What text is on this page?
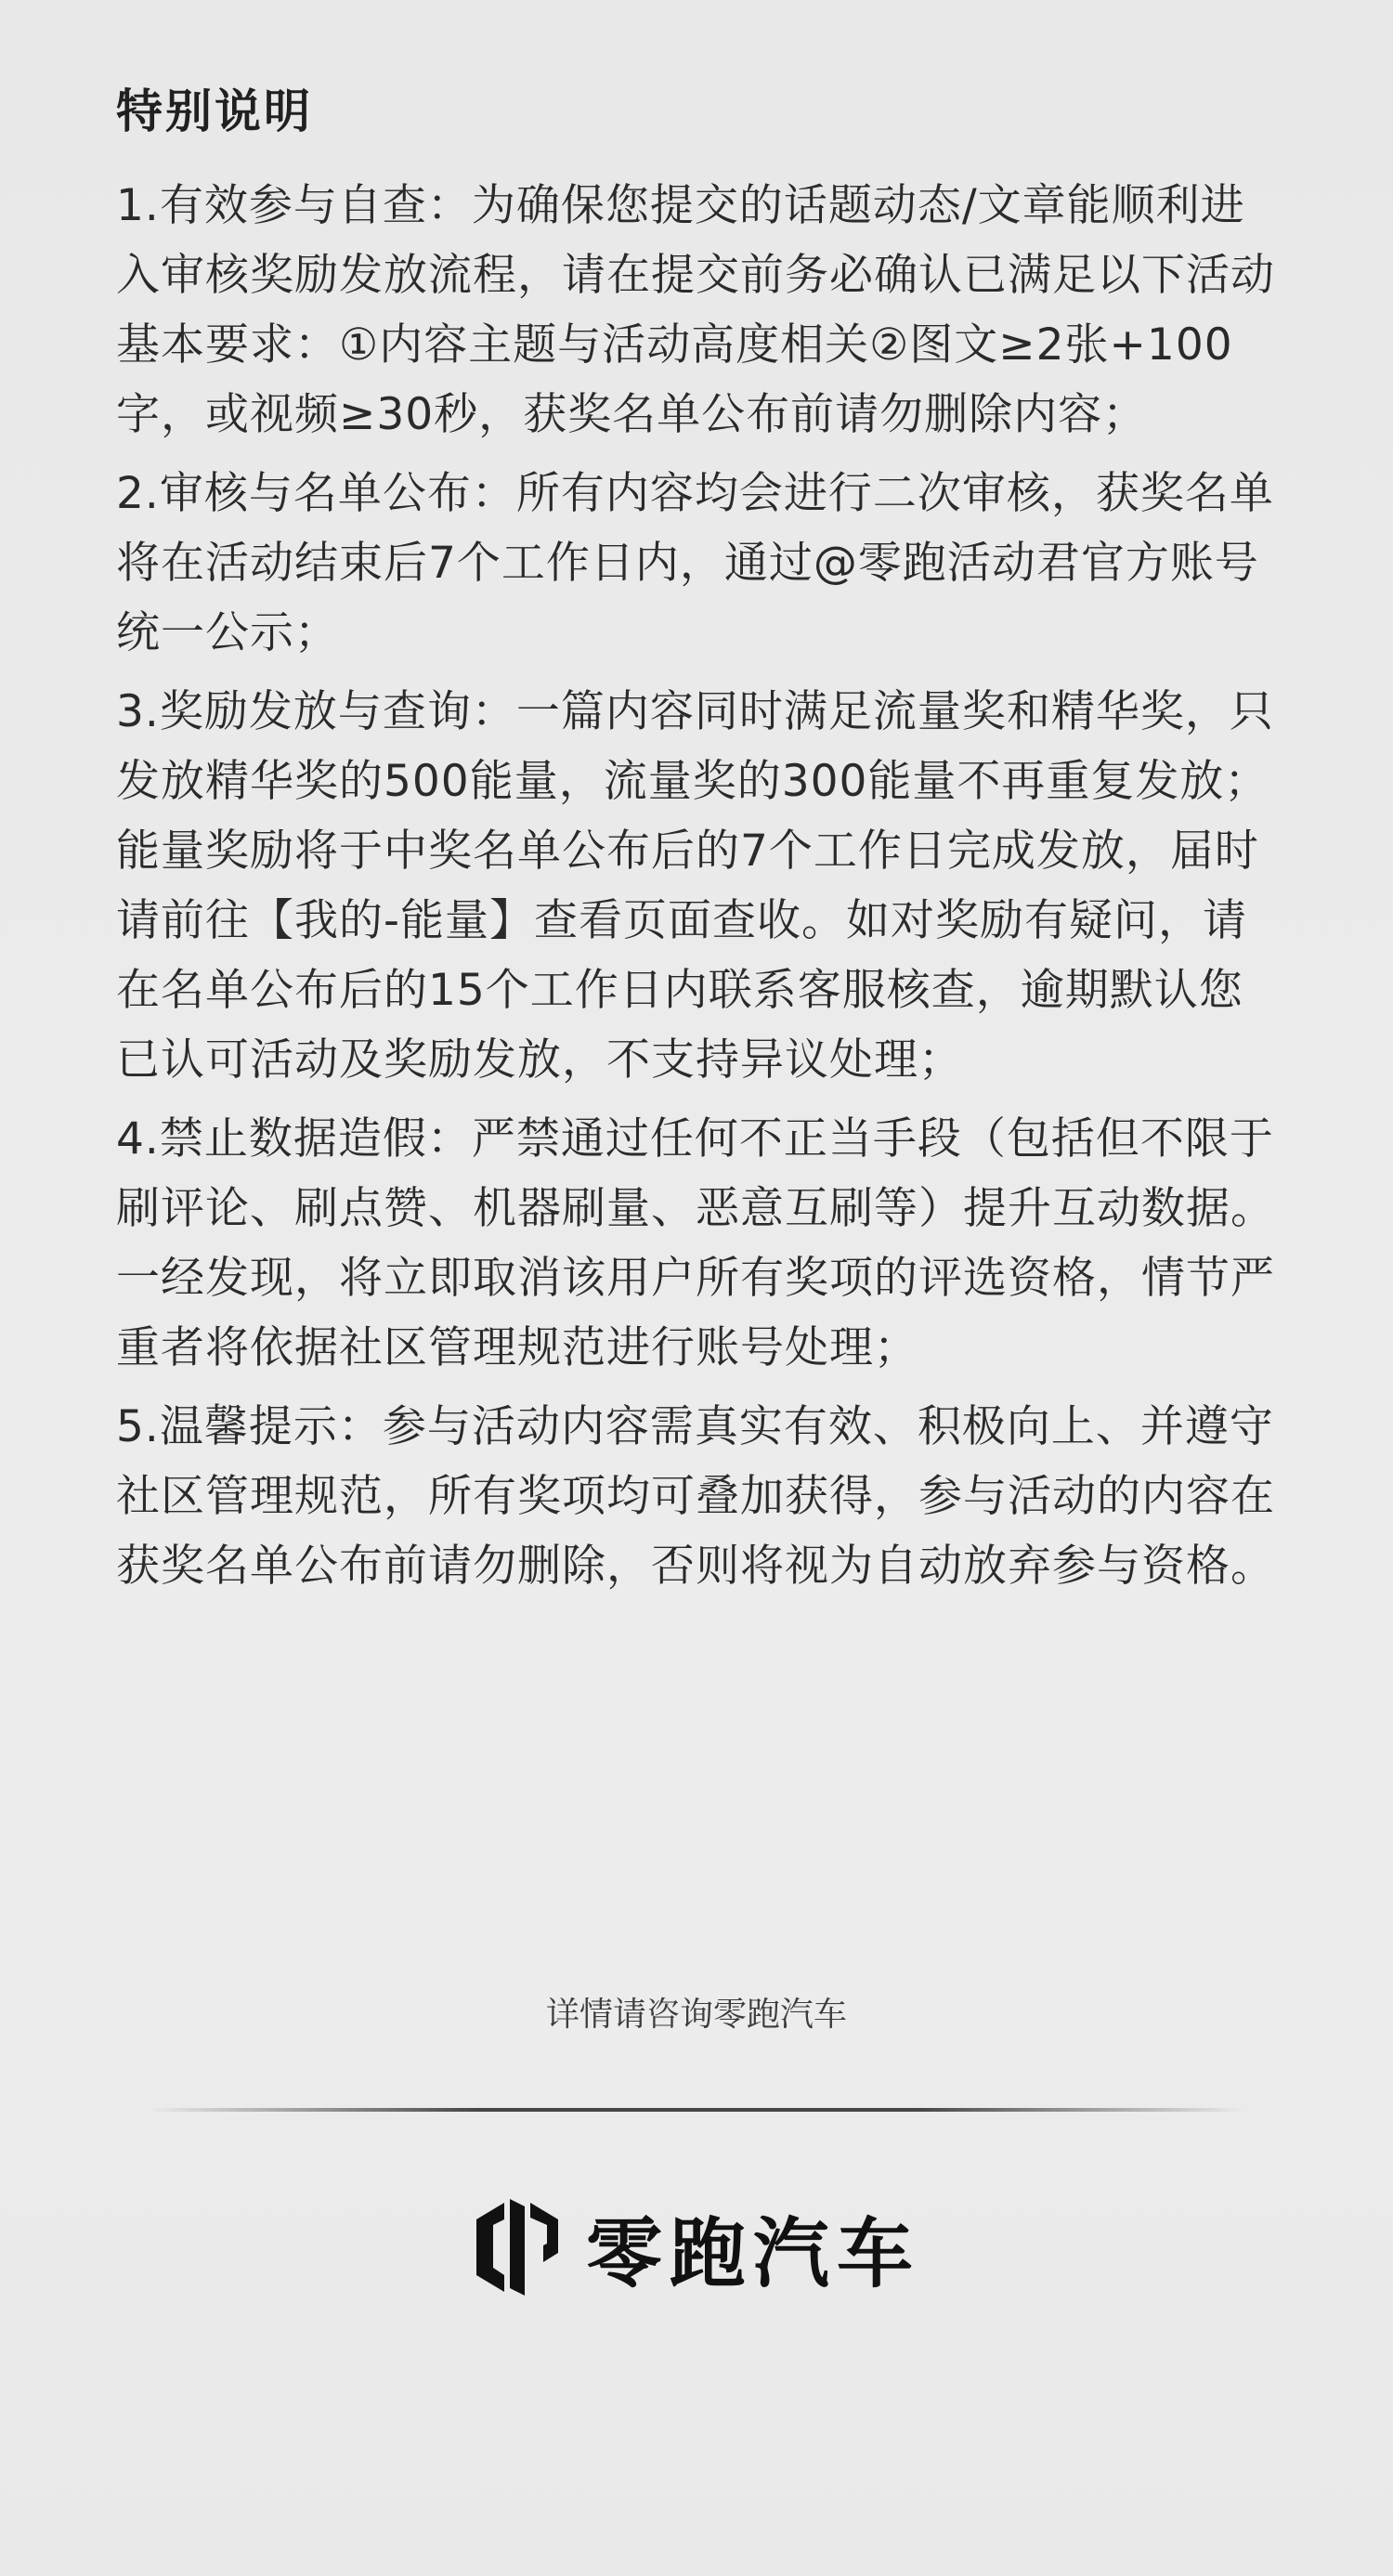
特别说明

1.有效参与自查：为确保您提交的话题动态/文章能顺利进入审核奖励发放流程，请在提交前务必确认已满足以下活动基本要求：①内容主题与活动高度相关②图文≥2张+100字，或视频≥30秒，获奖名单公布前请勿删除内容；

2.审核与名单公布：所有内容均会进行二次审核，获奖名单将在活动结束后7个工作日内，通过@零跑活动君官方账号统一公示；

3.奖励发放与查询：一篇内容同时满足流量奖和精华奖，只发放精华奖的500能量，流量奖的300能量不再重复发放；能量奖励将于中奖名单公布后的7个工作日完成发放，届时请前往【我的-能量】查看页面查收。如对奖励有疑问，请在名单公布后的15个工作日内联系客服核查，逾期默认您已认可活动及奖励发放，不支持异议处理；

4.禁止数据造假：严禁通过任何不正当手段（包括但不限于刷评论、刷点赞、机器刷量、恶意互刷等）提升互动数据。一经发现，将立即取消该用户所有奖项的评选资格，情节严重者将依据社区管理规范进行账号处理；

5.温馨提示：参与活动内容需真实有效、积极向上、并遵守社区管理规范，所有奖项均可叠加获得，参与活动的内容在获奖名单公布前请勿删除，否则将视为自动放弃参与资格。

详情请咨询零跑汽车
零跑汽车
